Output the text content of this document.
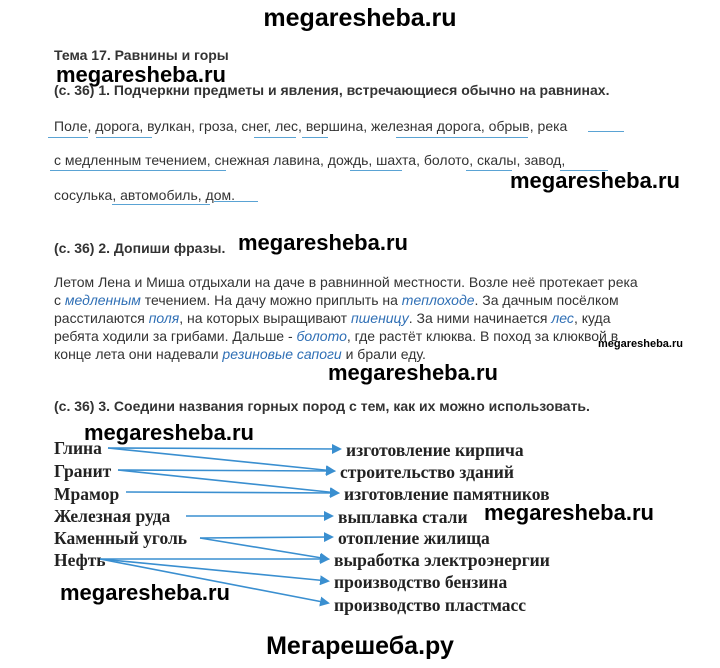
megaresheba.ru
megaresheba.ru
megaresheba.ru
megaresheba.ru
megaresheba.ru
megaresheba.ru
megaresheba.ru
megaresheba.ru
megaresheba.ru
Мегарешеба.ру
Тема 17. Равнины и горы
(с. 36) 1. Подчеркни предметы и явления, встречающиеся обычно на равнинах.
Поле, дорога, вулкан, гроза, снег, лес, вершина, железная дорога, обрыв, река
с медленным течением, снежная лавина, дождь, шахта, болото, скалы, завод,
сосулька, автомобиль, дом.
(с. 36) 2. Допиши фразы.
Летом Лена и Миша отдыхали на даче в равнинной местности. Возле неё протекает река
с медленным течением. На дачу можно приплыть на теплоходе. За дачным посёлком
расстилаются поля, на которых выращивают пшеницу. За ними начинается лес, куда
ребята ходили за грибами. Дальше - болото, где растёт клюква. В поход за клюквой в
конце лета они надевали резиновые сапоги и брали еду.
(с. 36) 3. Соедини названия горных пород с тем, как их можно использовать.
Глина
Гранит
Мрамор
Железная руда
Каменный уголь
Нефть
изготовление кирпича
строительство зданий
изготовление памятников
выплавка стали
отопление жилища
выработка электроэнергии
производство бензина
производство пластмасс
